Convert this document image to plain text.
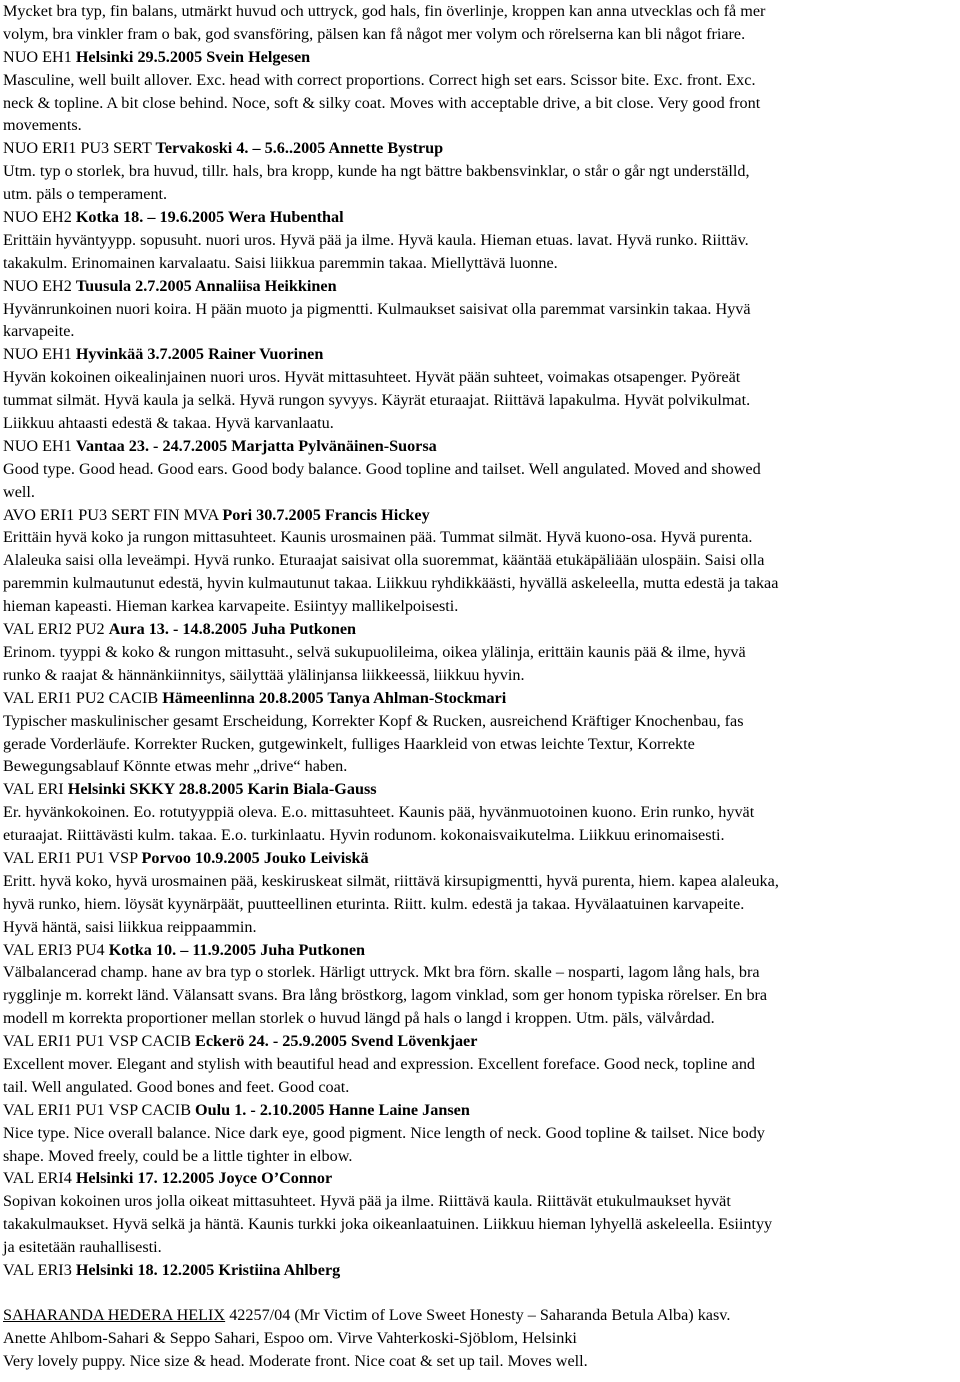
Mycket bra typ, fin balans, utmärkt huvud och uttryck, god hals, fin överlinje, kroppen kan anna utvecklas och få mer
volym, bra vinkler fram o bak, god svansföring, pälsen kan få något mer volym och rörelserna kan bli något friare.
NUO EH1 Helsinki 29.5.2005 Svein Helgesen
Masculine, well built allover. Exc. head with correct proportions. Correct high set ears. Scissor bite. Exc. front. Exc.
neck & topline. A bit close behind. Noce, soft & silky coat. Moves with acceptable drive, a bit close. Very good front
movements.
NUO ERI1 PU3 SERT Tervakoski 4. – 5.6..2005 Annette Bystrup
Utm. typ o storlek, bra huvud, tillr. hals, bra kropp, kunde ha ngt bättre bakbensvinklar, o står o går ngt underställd,
utm. päls o temperament.
NUO EH2 Kotka 18. – 19.6.2005 Wera Hubenthal
Erittäin hyväntyypp. sopusuht. nuori uros. Hyvä pää ja ilme. Hyvä kaula. Hieman etuas. lavat. Hyvä runko. Riittäv.
takakulm. Erinomainen karvalaatu. Saisi liikkua paremmin takaa. Miellyttävä luonne.
NUO EH2 Tuusula 2.7.2005 Annaliisa Heikkinen
Hyvänrunkoinen nuori koira. H pään muoto ja pigmentti. Kulmaukset saisivat olla paremmat varsinkin takaa. Hyvä
karvapeite.
NUO EH1 Hyvinkää 3.7.2005 Rainer Vuorinen
Hyvän kokoinen oikealinjainen nuori uros. Hyvät mittasuhteet. Hyvät pään suhteet, voimakas otsapenger. Pyöreät
tummat silmät. Hyvä kaula ja selkä. Hyvä rungon syvyys. Käyrät eturaajat. Riittävä lapakulma. Hyvät polvikulmat.
Liikkuu ahtaasti edestä & takaa. Hyvä karvanlaatu.
NUO EH1 Vantaa 23. - 24.7.2005 Marjatta Pylvänäinen-Suorsa
Good type. Good head. Good ears. Good body balance. Good topline and tailset. Well angulated. Moved and showed
well.
AVO ERI1 PU3 SERT FIN MVA Pori 30.7.2005 Francis Hickey
Erittäin hyvä koko ja rungon mittasuhteet. Kaunis urosmainen pää. Tummat silmät. Hyvä kuono-osa. Hyvä purenta.
Alaleuka saisi olla leveämpi. Hyvä runko. Eturaajat saisivat olla suoremmat, kääntää etukäpäliään ulospäin. Saisi olla
paremmin kulmautunut edestä, hyvin kulmautunut takaa. Liikkuu ryhdikkäästi, hyvällä askeleella, mutta edestä ja takaa
hieman kapeasti. Hieman karkea karvapeite. Esiintyy mallikelpoisesti.
VAL ERI2 PU2 Aura 13. - 14.8.2005 Juha Putkonen
Erinom. tyyppi & koko & rungon mittasuht., selvä sukupuolileima, oikea ylälinja, erittäin kaunis pää & ilme, hyvä
runko & raajat & hännänkiinnitys, säilyttää ylälinjansa liikkeessä, liikkuu hyvin.
VAL ERI1 PU2 CACIB Hämeenlinna 20.8.2005 Tanya Ahlman-Stockmari
Typischer maskulinischer gesamt Erscheidung, Korrekter Kopf & Rucken, ausreichend Kräftiger Knochenbau, fas
gerade Vorderläufe. Korrekter Rucken, gutgewinkelt, fulliges Haarkleid von etwas leichte Textur, Korrekte
Bewegungsablauf Könnte etwas mehr „drive“ haben.
VAL ERI Helsinki SKKY 28.8.2005 Karin Biala-Gauss
Er. hyvänkokoinen. Eo. rotutyyppiä oleva. E.o. mittasuhteet. Kaunis pää, hyvänmuotoinen kuono. Erin runko, hyvät
eturaajat. Riittävästi kulm. takaa. E.o. turkinlaatu. Hyvin rodunom. kokonaisvaikutelma. Liikkuu erinomaisesti.
VAL ERI1 PU1 VSP Porvoo 10.9.2005 Jouko Leiviskä
Eritt. hyvä koko, hyvä urosmainen pää, keskiruskeat silmät, riittävä kirsupigmentti, hyvä purenta, hiem. kapea alaleuka,
hyvä runko, hiem. löysät kyynärpäät, puutteellinen eturinta. Riitt. kulm. edestä ja takaa. Hyvälaatuinen karvapeite.
Hyvä häntä, saisi liikkua reippaammin.
VAL ERI3 PU4 Kotka 10. – 11.9.2005 Juha Putkonen
Välbalancerad champ. hane av bra typ o storlek. Härligt uttryck. Mkt bra förn. skalle – nosparti, lagom lång hals, bra
rygglinje m. korrekt länd. Välansatt svans. Bra lång bröstkorg, lagom vinklad, som ger honom typiska rörelser. En bra
modell m korrekta proportioner mellan storlek o huvud längd på hals o langd i kroppen. Utm. päls, välvårdad.
VAL ERI1 PU1 VSP CACIB Eckerö 24. - 25.9.2005 Svend Lövenkjaer
Excellent mover. Elegant and stylish with beautiful head and expression. Excellent foreface. Good neck, topline and
tail. Well angulated. Good bones and feet. Good coat.
VAL ERI1 PU1 VSP CACIB Oulu 1. - 2.10.2005 Hanne Laine Jansen
Nice type. Nice overall balance. Nice dark eye, good pigment. Nice length of neck. Good topline & tailset. Nice body
shape. Moved freely, could be a little tighter in elbow.
VAL ERI4 Helsinki 17. 12.2005 Joyce O’Connor
Sopivan kokoinen uros jolla oikeat mittasuhteet. Hyvä pää ja ilme. Riittävä kaula. Riittävät etukulmaukset hyvät
takakulmaukset. Hyvä selkä ja häntä. Kaunis turkki joka oikeanlaatuinen. Liikkuu hieman lyhyellä askeleella. Esiintyy
ja esitetään rauhallisesti.
VAL ERI3 Helsinki 18. 12.2005 Kristiina Ahlberg
SAHARANDA HEDERA HELIX 42257/04 (Mr Victim of Love Sweet Honesty – Saharanda Betula Alba) kasv.
Anette Ahlbom-Sahari & Seppo Sahari, Espoo om. Virve Vahterkoski-Sjöblom, Helsinki
Very lovely puppy. Nice size & head. Moderate front. Nice coat & set up tail. Moves well.
